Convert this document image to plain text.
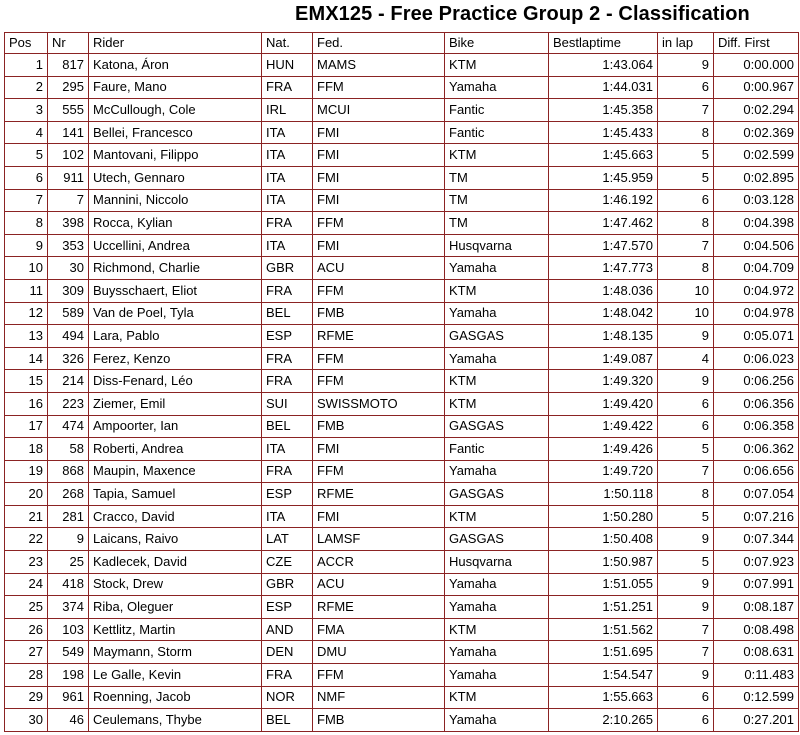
EMX125 - Free Practice Group 2 - Classification
Pos	Nr	Rider	Nat.	Fed.	Bike	Bestlaptime	in lap	Diff. First
1	817	Katona, Áron	HUN	MAMS	KTM	1:43.064	9	0:00.000
2	295	Faure, Mano	FRA	FFM	Yamaha	1:44.031	6	0:00.967
3	555	McCullough, Cole	IRL	MCUI	Fantic	1:45.358	7	0:02.294
4	141	Bellei, Francesco	ITA	FMI	Fantic	1:45.433	8	0:02.369
5	102	Mantovani, Filippo	ITA	FMI	KTM	1:45.663	5	0:02.599
6	911	Utech, Gennaro	ITA	FMI	TM	1:45.959	5	0:02.895
7	7	Mannini, Niccolo	ITA	FMI	TM	1:46.192	6	0:03.128
8	398	Rocca, Kylian	FRA	FFM	TM	1:47.462	8	0:04.398
9	353	Uccellini, Andrea	ITA	FMI	Husqvarna	1:47.570	7	0:04.506
10	30	Richmond, Charlie	GBR	ACU	Yamaha	1:47.773	8	0:04.709
11	309	Buysschaert, Eliot	FRA	FFM	KTM	1:48.036	10	0:04.972
12	589	Van de Poel, Tyla	BEL	FMB	Yamaha	1:48.042	10	0:04.978
13	494	Lara, Pablo	ESP	RFME	GASGAS	1:48.135	9	0:05.071
14	326	Ferez, Kenzo	FRA	FFM	Yamaha	1:49.087	4	0:06.023
15	214	Diss-Fenard, Léo	FRA	FFM	KTM	1:49.320	9	0:06.256
16	223	Ziemer, Emil	SUI	SWISSMOTO	KTM	1:49.420	6	0:06.356
17	474	Ampoorter, Ian	BEL	FMB	GASGAS	1:49.422	6	0:06.358
18	58	Roberti, Andrea	ITA	FMI	Fantic	1:49.426	5	0:06.362
19	868	Maupin, Maxence	FRA	FFM	Yamaha	1:49.720	7	0:06.656
20	268	Tapia, Samuel	ESP	RFME	GASGAS	1:50.118	8	0:07.054
21	281	Cracco, David	ITA	FMI	KTM	1:50.280	5	0:07.216
22	9	Laicans, Raivo	LAT	LAMSF	GASGAS	1:50.408	9	0:07.344
23	25	Kadlecek, David	CZE	ACCR	Husqvarna	1:50.987	5	0:07.923
24	418	Stock, Drew	GBR	ACU	Yamaha	1:51.055	9	0:07.991
25	374	Riba, Oleguer	ESP	RFME	Yamaha	1:51.251	9	0:08.187
26	103	Kettlitz, Martin	AND	FMA	KTM	1:51.562	7	0:08.498
27	549	Maymann, Storm	DEN	DMU	Yamaha	1:51.695	7	0:08.631
28	198	Le Galle, Kevin	FRA	FFM	Yamaha	1:54.547	9	0:11.483
29	961	Roenning, Jacob	NOR	NMF	KTM	1:55.663	6	0:12.599
30	46	Ceulemans, Thybe	BEL	FMB	Yamaha	2:10.265	6	0:27.201
